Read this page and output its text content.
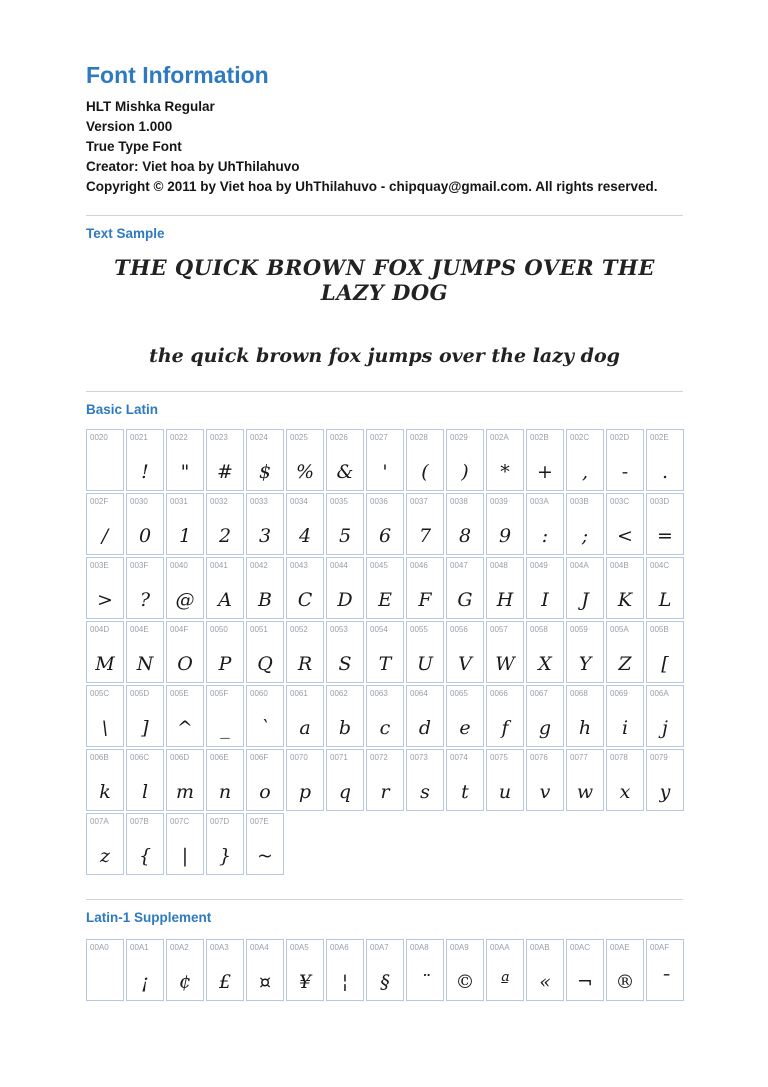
Font Information
HLT Mishka Regular
Version 1.000
True Type Font
Creator: Viet hoa by UhThilahuvo
Copyright © 2011 by Viet hoa by UhThilahuvo - chipquay@gmail.com. All rights reserved.
Text Sample
THE QUICK BROWN FOX JUMPS OVER THE LAZY DOG
the quick brown fox jumps over the lazy dog
Basic Latin
0020	0021
!
0022
"
0023
#
0024
$
0025
%
0026
&
0027
'
0028
(
0029
)
002A
*
002B
+
002C
,
002D
-
002E
.
002F
/
0030
0
0031
1
0032
2
0033
3
0034
4
0035
5
0036
6
0037
7
0038
8
0039
9
003A
:
003B
;
003C
<
003D
=
003E
>
003F
?
0040
@
0041
A
0042
B
0043
C
0044
D
0045
E
0046
F
0047
G
0048
H
0049
I
004A
J
004B
K
004C
L
004D
M
004E
N
004F
O
0050
P
0051
Q
0052
R
0053
S
0054
T
0055
U
0056
V
0057
W
0058
X
0059
Y
005A
Z
005B
[
005C
\
005D
]
005E
^
005F
_
0060
`
0061
a
0062
b
0063
c
0064
d
0065
e
0066
f
0067
g
0068
h
0069
i
006A
j
006B
k
006C
l
006D
m
006E
n
006F
o
0070
p
0071
q
0072
r
0073
s
0074
t
0075
u
0076
v
0077
w
0078
x
0079
y
007A
z
007B
{
007C
|
007D
}
007E
~
Latin-1 Supplement
00A0	00A1
¡
00A2
¢
00A3
£
00A4
¤
00A5
¥
00A6
¦
00A7
§
00A8
¨
00A9
©
00AA
ª
00AB
«
00AC
¬
00AE
®
00AF
¯
